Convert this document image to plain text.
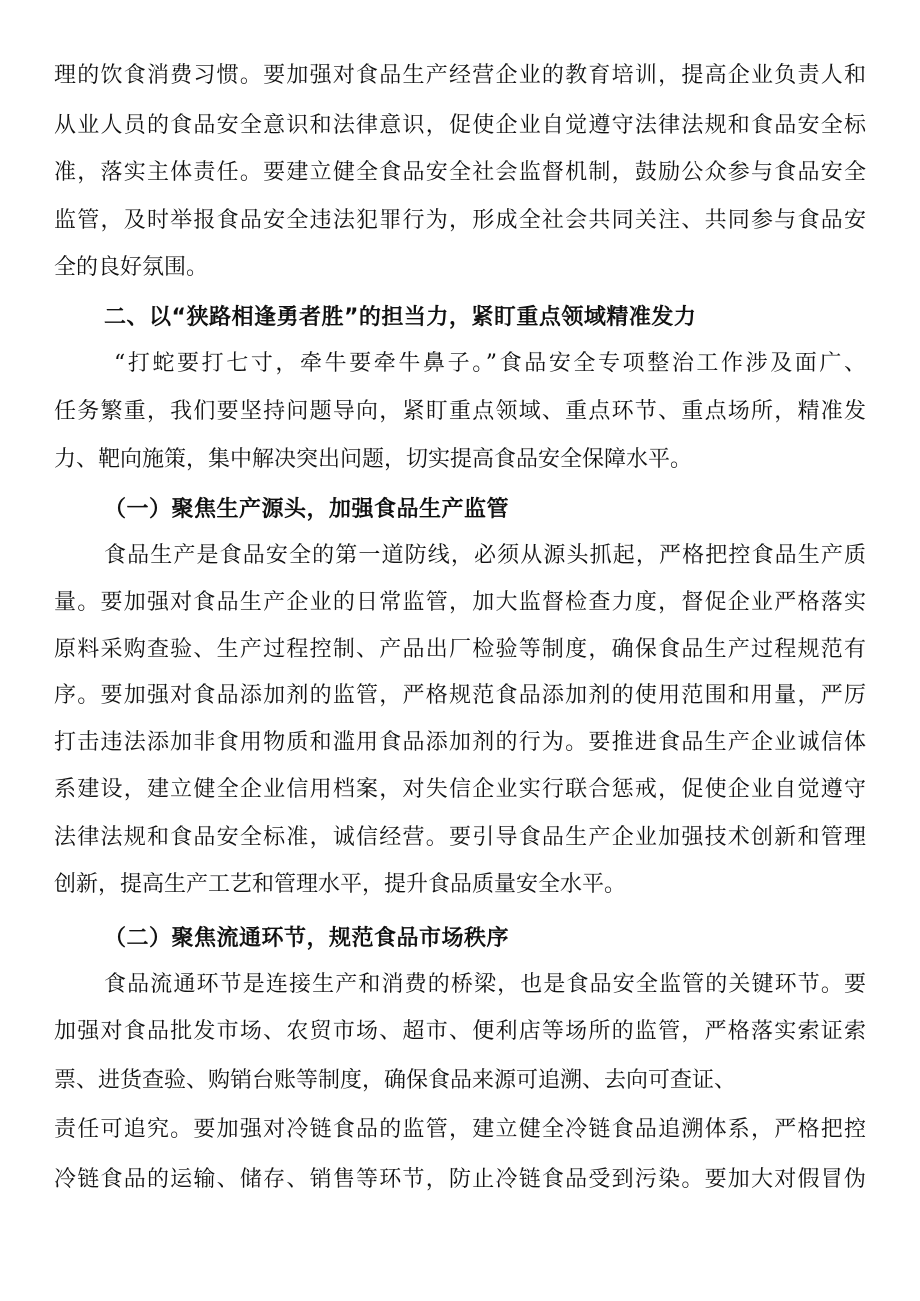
理的饮食消费习惯。要加强对食品生产经营企业的教育培训，提高企业负责人和
从业人员的食品安全意识和法律意识，促使企业自觉遵守法律法规和食品安全标
准，落实主体责任。要建立健全食品安全社会监督机制，鼓励公众参与食品安全
监管，及时举报食品安全违法犯罪行为，形成全社会共同关注、共同参与食品安
全的良好氛围。
二、以“狭路相逢勇者胜”的担当力，紧盯重点领域精准发力
“打蛇要打七寸，牵牛要牵牛鼻子。”食品安全专项整治工作涉及面广、
任务繁重，我们要坚持问题导向，紧盯重点领域、重点环节、重点场所，精准发
力、靶向施策，集中解决突出问题，切实提高食品安全保障水平。
（一）聚焦生产源头，加强食品生产监管
食品生产是食品安全的第一道防线，必须从源头抓起，严格把控食品生产质
量。要加强对食品生产企业的日常监管，加大监督检查力度，督促企业严格落实
原料采购查验、生产过程控制、产品出厂检验等制度，确保食品生产过程规范有
序。要加强对食品添加剂的监管，严格规范食品添加剂的使用范围和用量，严厉
打击违法添加非食用物质和滥用食品添加剂的行为。要推进食品生产企业诚信体
系建设，建立健全企业信用档案，对失信企业实行联合惩戒，促使企业自觉遵守
法律法规和食品安全标准，诚信经营。要引导食品生产企业加强技术创新和管理
创新，提高生产工艺和管理水平，提升食品质量安全水平。
（二）聚焦流通环节，规范食品市场秩序
食品流通环节是连接生产和消费的桥梁，也是食品安全监管的关键环节。要
加强对食品批发市场、农贸市场、超市、便利店等场所的监管，严格落实索证索
票、进货查验、购销台账等制度，确保食品来源可追溯、去向可查证、
责任可追究。要加强对冷链食品的监管，建立健全冷链食品追溯体系，严格把控
冷链食品的运输、储存、销售等环节，防止冷链食品受到污染。要加大对假冒伪
